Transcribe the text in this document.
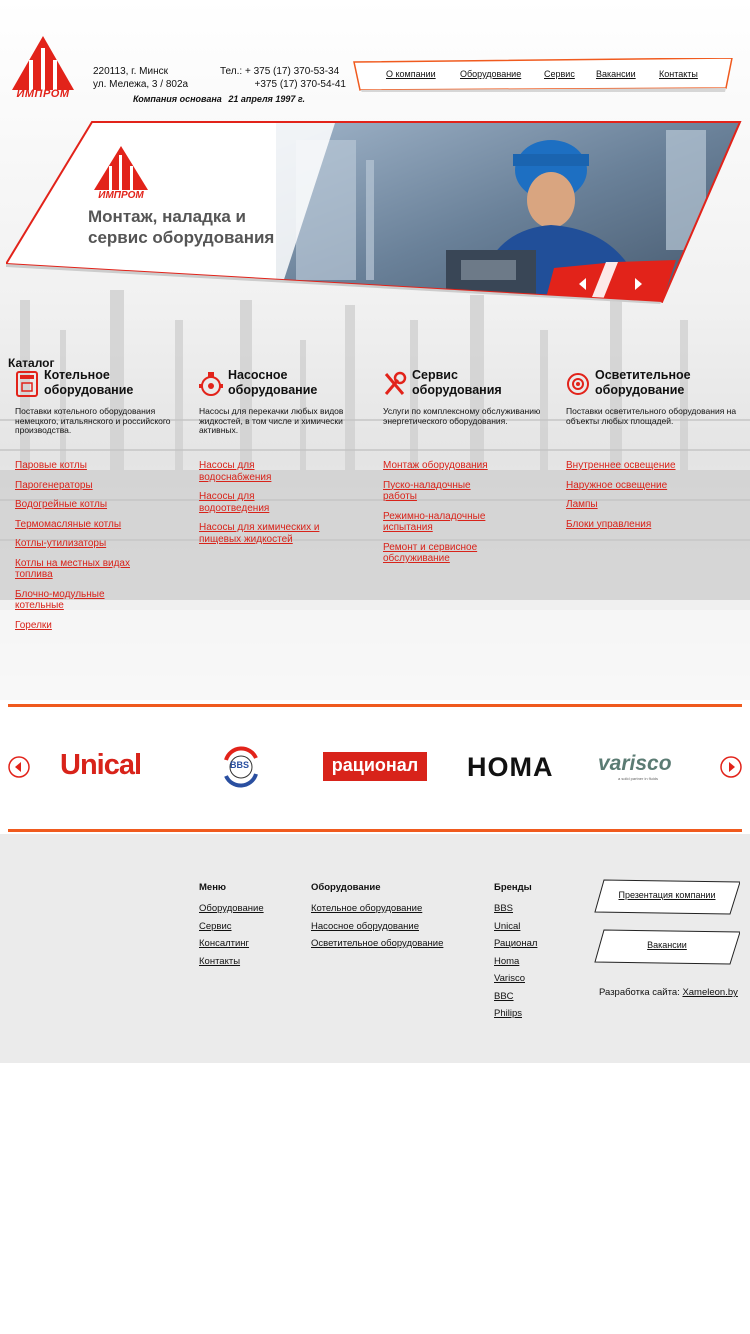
ИМПРОМ
220113, г. Минск
ул. Мележа, 3 / 802а
Тел.: + 375 (17) 370-53-34
+375 (17) 370-54-41
Компания основана 21 апреля 1997 г.
О компании	Оборудование	Сервис Вакансии	Контакты
ИМПРОМ
Монтаж, наладка и
сервис оборудования
Каталог
Котельное
оборудование
Поставки котельного оборудования немецкого, итальянского и российского производства.
Паровые котлы
Парогенераторы
Водогрейные котлы
Термомасляные котлы
Котлы-утилизаторы
Котлы на местных видах топлива
Блочно-модульные котельные
Горелки
Насосное
оборудование
Насосы для перекачки любых видов жидкостей, в том числе и химически активных.
Насосы для водоснабжения
Насосы для водоотведения
Насосы для химических и пищевых жидкостей
Сервис
оборудования
Услуги по комплексному обслуживанию энергетического оборудования.
Монтаж оборудования
Пуско-наладочные работы
Режимно-наладочные испытания
Ремонт и сервисное обслуживание
Осветительное
оборудование
Поставки осветительного оборудования на объекты любых площадей.
Внутреннее освещение
Наружное освещение
Лампы
Блоки управления
Unical	BBS	рационал	HOMA varisco
a solid partner in fluids
Меню
Оборудование
Сервис
Консалтинг
Контакты
Оборудование
Котельное оборудование
Насосное оборудование
Осветительное оборудование
Бренды
BBS
Unical
Рационал
Homa
Varisco
BBC
Philips
Презентация компании
Вакансии
Разработка сайта: Xameleon.by
